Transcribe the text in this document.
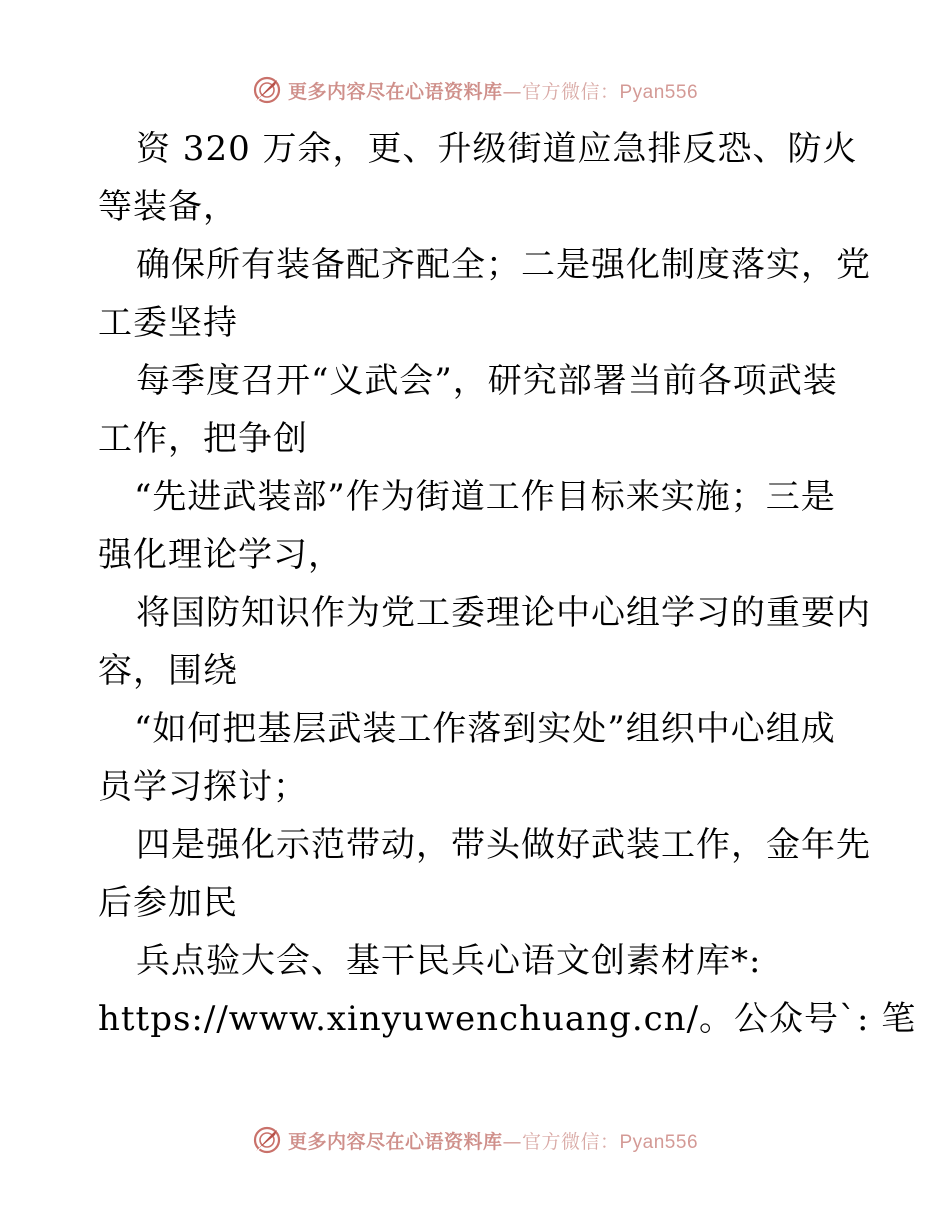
更多内容尽在心语资料库—官方微信：Pyan556
资 320 万余，更、升级街道应急排反恐、防火
等装备，
确保所有装备配齐配全；二是强化制度落实，党
工委坚持
每季度召开“义武会”，研究部署当前各项武装
工作，把争创
“先进武装部”作为街道工作目标来实施；三是
强化理论学习，
将国防知识作为党工委理论中心组学习的重要内
容，围绕
“如何把基层武装工作落到实处”组织中心组成
员学习探讨；
四是强化示范带动，带头做好武装工作，金年先
后参加民
兵点验大会、基干民兵心语文创素材库*:
https://www.xinyuwenchuang.cn/。公众号`: 笔
更多内容尽在心语资料库—官方微信：Pyan556
